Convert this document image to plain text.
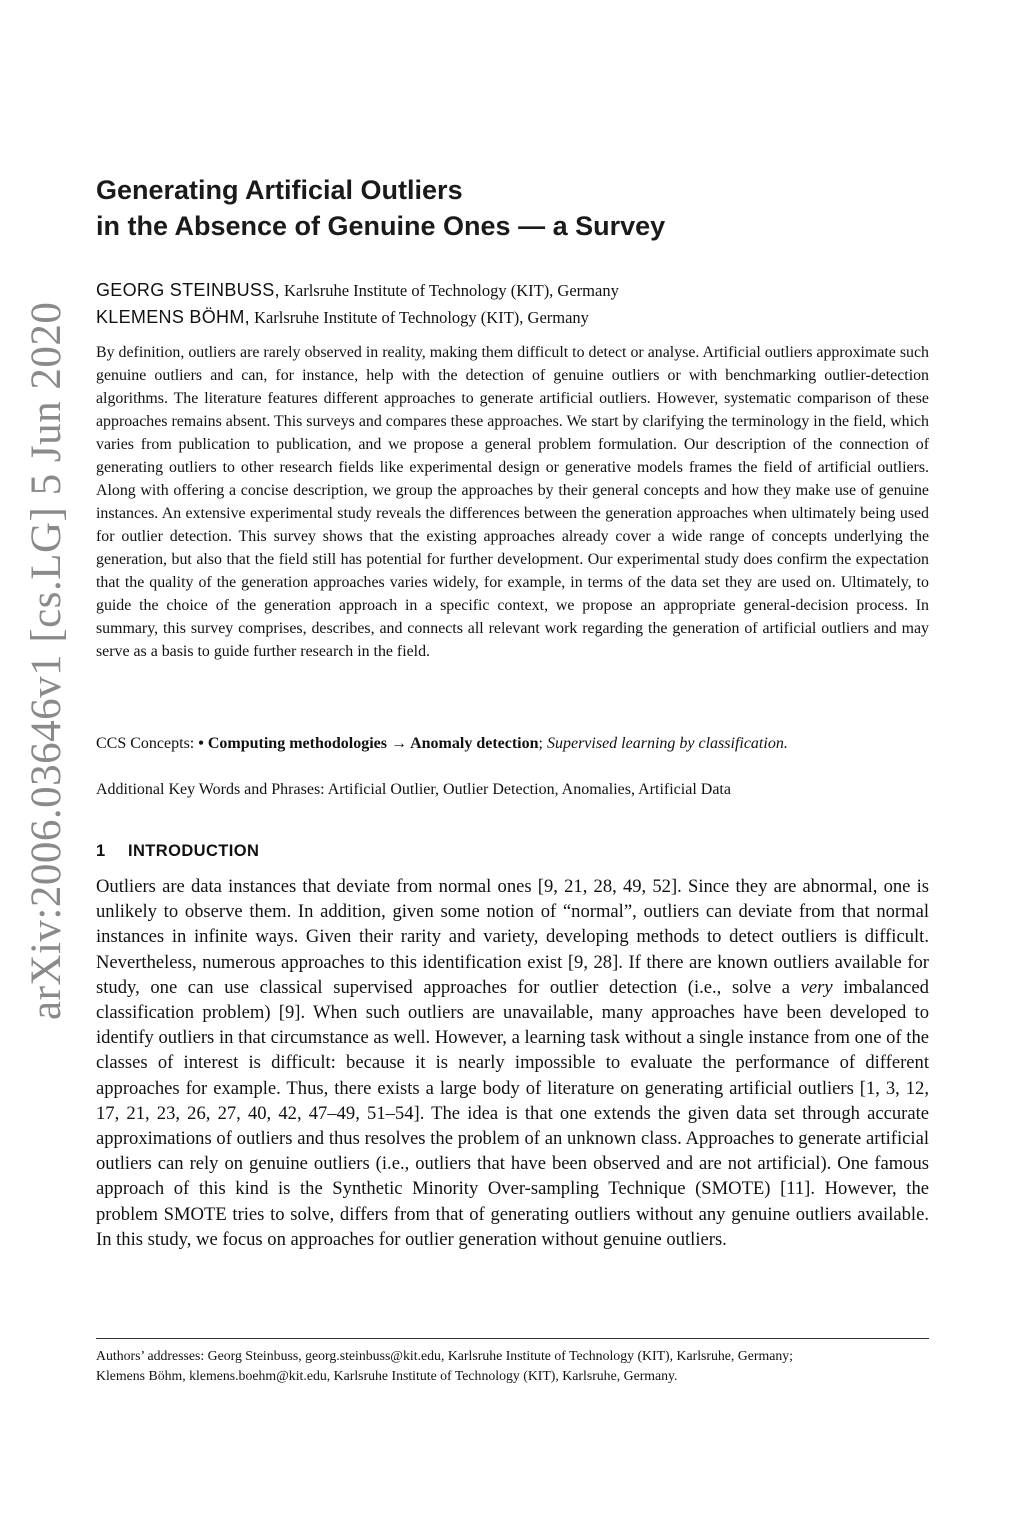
arXiv:2006.03646v1 [cs.LG] 5 Jun 2020
Generating Artificial Outliers
in the Absence of Genuine Ones — a Survey
GEORG STEINBUSS, Karlsruhe Institute of Technology (KIT), Germany
KLEMENS BÖHM, Karlsruhe Institute of Technology (KIT), Germany

By definition, outliers are rarely observed in reality, making them difficult to detect or analyse. Artificial outliers approximate such genuine outliers and can, for instance, help with the detection of genuine outliers or with benchmarking outlier-detection algorithms. The literature features different approaches to generate artificial outliers. However, systematic comparison of these approaches remains absent. This surveys and compares these approaches. We start by clarifying the terminology in the field, which varies from publication to publication, and we propose a general problem formulation. Our description of the connection of generating outliers to other research fields like experimental design or generative models frames the field of artificial outliers. Along with offering a concise description, we group the approaches by their general concepts and how they make use of genuine instances. An extensive experimental study reveals the differences between the generation approaches when ultimately being used for outlier detection. This survey shows that the existing approaches already cover a wide range of concepts underlying the generation, but also that the field still has potential for further development. Our experimental study does confirm the expectation that the quality of the generation approaches varies widely, for example, in terms of the data set they are used on. Ultimately, to guide the choice of the generation approach in a specific context, we propose an appropriate general-decision process. In summary, this survey comprises, describes, and connects all relevant work regarding the generation of artificial outliers and may serve as a basis to guide further research in the field.

CCS Concepts: • Computing methodologies → Anomaly detection; Supervised learning by classification.
Additional Key Words and Phrases: Artificial Outlier, Outlier Detection, Anomalies, Artificial Data
1 INTRODUCTION

Outliers are data instances that deviate from normal ones [9, 21, 28, 49, 52]. Since they are abnormal, one is unlikely to observe them. In addition, given some notion of “normal”, outliers can deviate from that normal instances in infinite ways. Given their rarity and variety, developing methods to detect outliers is difficult. Nevertheless, numerous approaches to this identification exist [9, 28]. If there are known outliers available for study, one can use classical supervised approaches for outlier detection (i.e., solve a very imbalanced classification problem) [9]. When such outliers are unavailable, many approaches have been developed to identify outliers in that circumstance as well. However, a learning task without a single instance from one of the classes of interest is difficult: because it is nearly impossible to evaluate the performance of different approaches for example. Thus, there exists a large body of literature on generating artificial outliers [1, 3, 12, 17, 21, 23, 26, 27, 40, 42, 47–49, 51–54]. The idea is that one extends the given data set through accurate approximations of outliers and thus resolves the problem of an unknown class. Approaches to generate artificial outliers can rely on genuine outliers (i.e., outliers that have been observed and are not artificial). One famous approach of this kind is the Synthetic Minority Over-sampling Technique (SMOTE) [11]. However, the problem SMOTE tries to solve, differs from that of generating outliers without any genuine outliers available. In this study, we focus on approaches for outlier generation without genuine outliers.

Authors’ addresses: Georg Steinbuss, georg.steinbuss@kit.edu, Karlsruhe Institute of Technology (KIT), Karlsruhe, Germany;
Klemens Böhm, klemens.boehm@kit.edu, Karlsruhe Institute of Technology (KIT), Karlsruhe, Germany.
